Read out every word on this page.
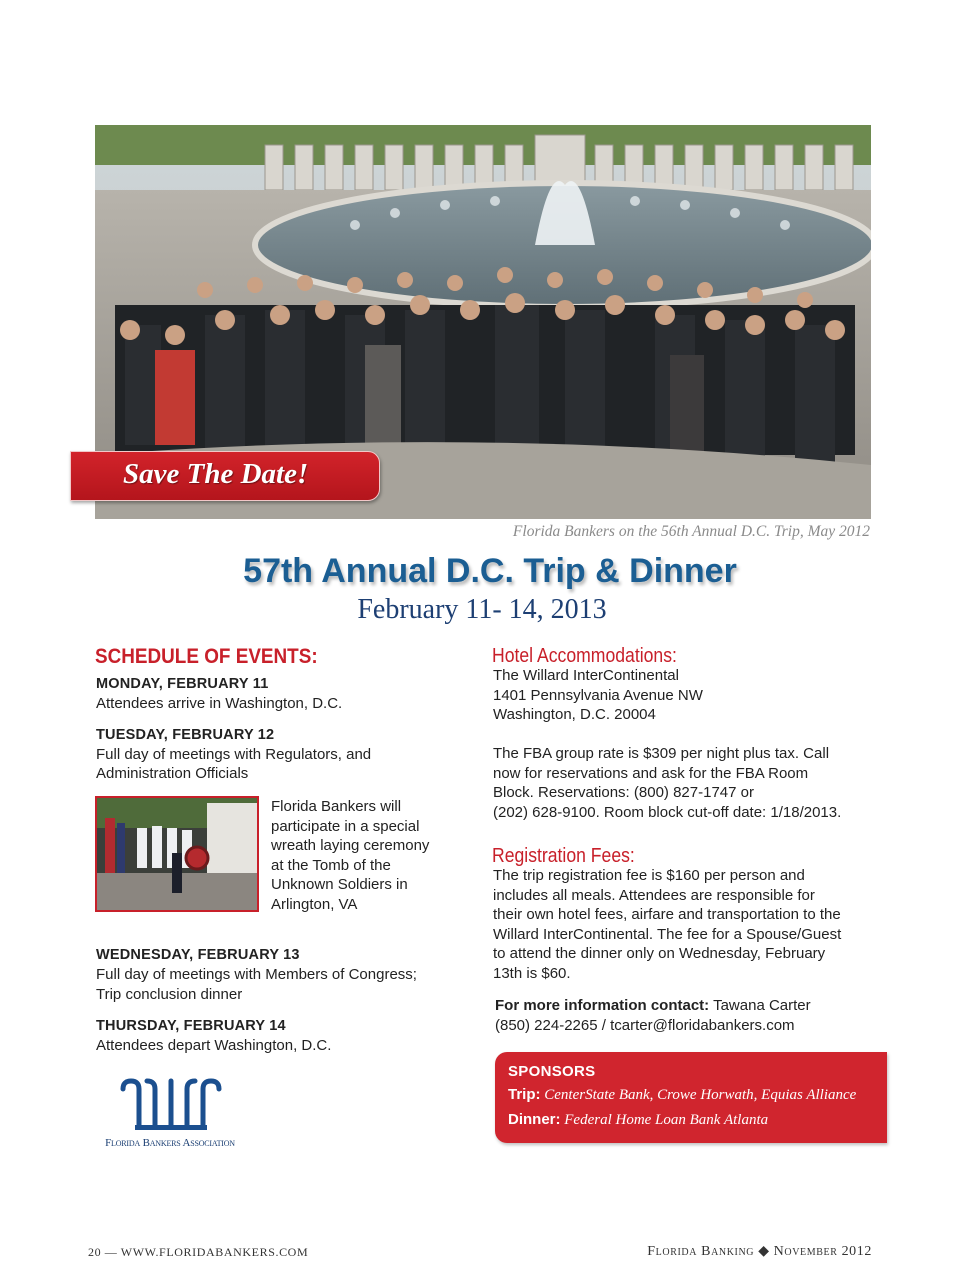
Save The Date!
Florida Bankers on the 56th Annual D.C. Trip, May 2012
57th Annual D.C. Trip & Dinner
February 11- 14, 2013
SCHEDULE OF EVENTS:
MONDAY, FEBRUARY 11
Attendees arrive in Washington, D.C.
TUESDAY, FEBRUARY 12
Full day of meetings with Regulators, and
Administration Officials
Florida Bankers will
participate in a special
wreath laying ceremony
at the Tomb of the
Unknown Soldiers in
Arlington, VA
WEDNESDAY, FEBRUARY 13
Full day of meetings with Members of Congress;
Trip conclusion dinner
THURSDAY, FEBRUARY 14
Attendees depart Washington, D.C.
Florida Bankers Association
Hotel Accommodations:
The Willard InterContinental
1401 Pennsylvania Avenue NW
Washington, D.C. 20004
The FBA group rate is $309 per night plus tax. Call
now for reservations and ask for the FBA Room
Block. Reservations: (800) 827-1747 or
(202) 628-9100. Room block cut-off date: 1/18/2013.
Registration Fees:
The trip registration fee is $160 per person and
includes all meals. Attendees are responsible for
their own hotel fees, airfare and transportation to the
Willard InterContinental. The fee for a Spouse/Guest
to attend the dinner only on Wednesday, February
13th is $60.
For more information contact: Tawana Carter
(850) 224-2265 / tcarter@floridabankers.com
SPONSORS
Trip: CenterState Bank, Crowe Horwath, Equias Alliance
Dinner: Federal Home Loan Bank Atlanta
20 — WWW.FLORIDABANKERS.COM	Florida Banking ◆ November 2012
